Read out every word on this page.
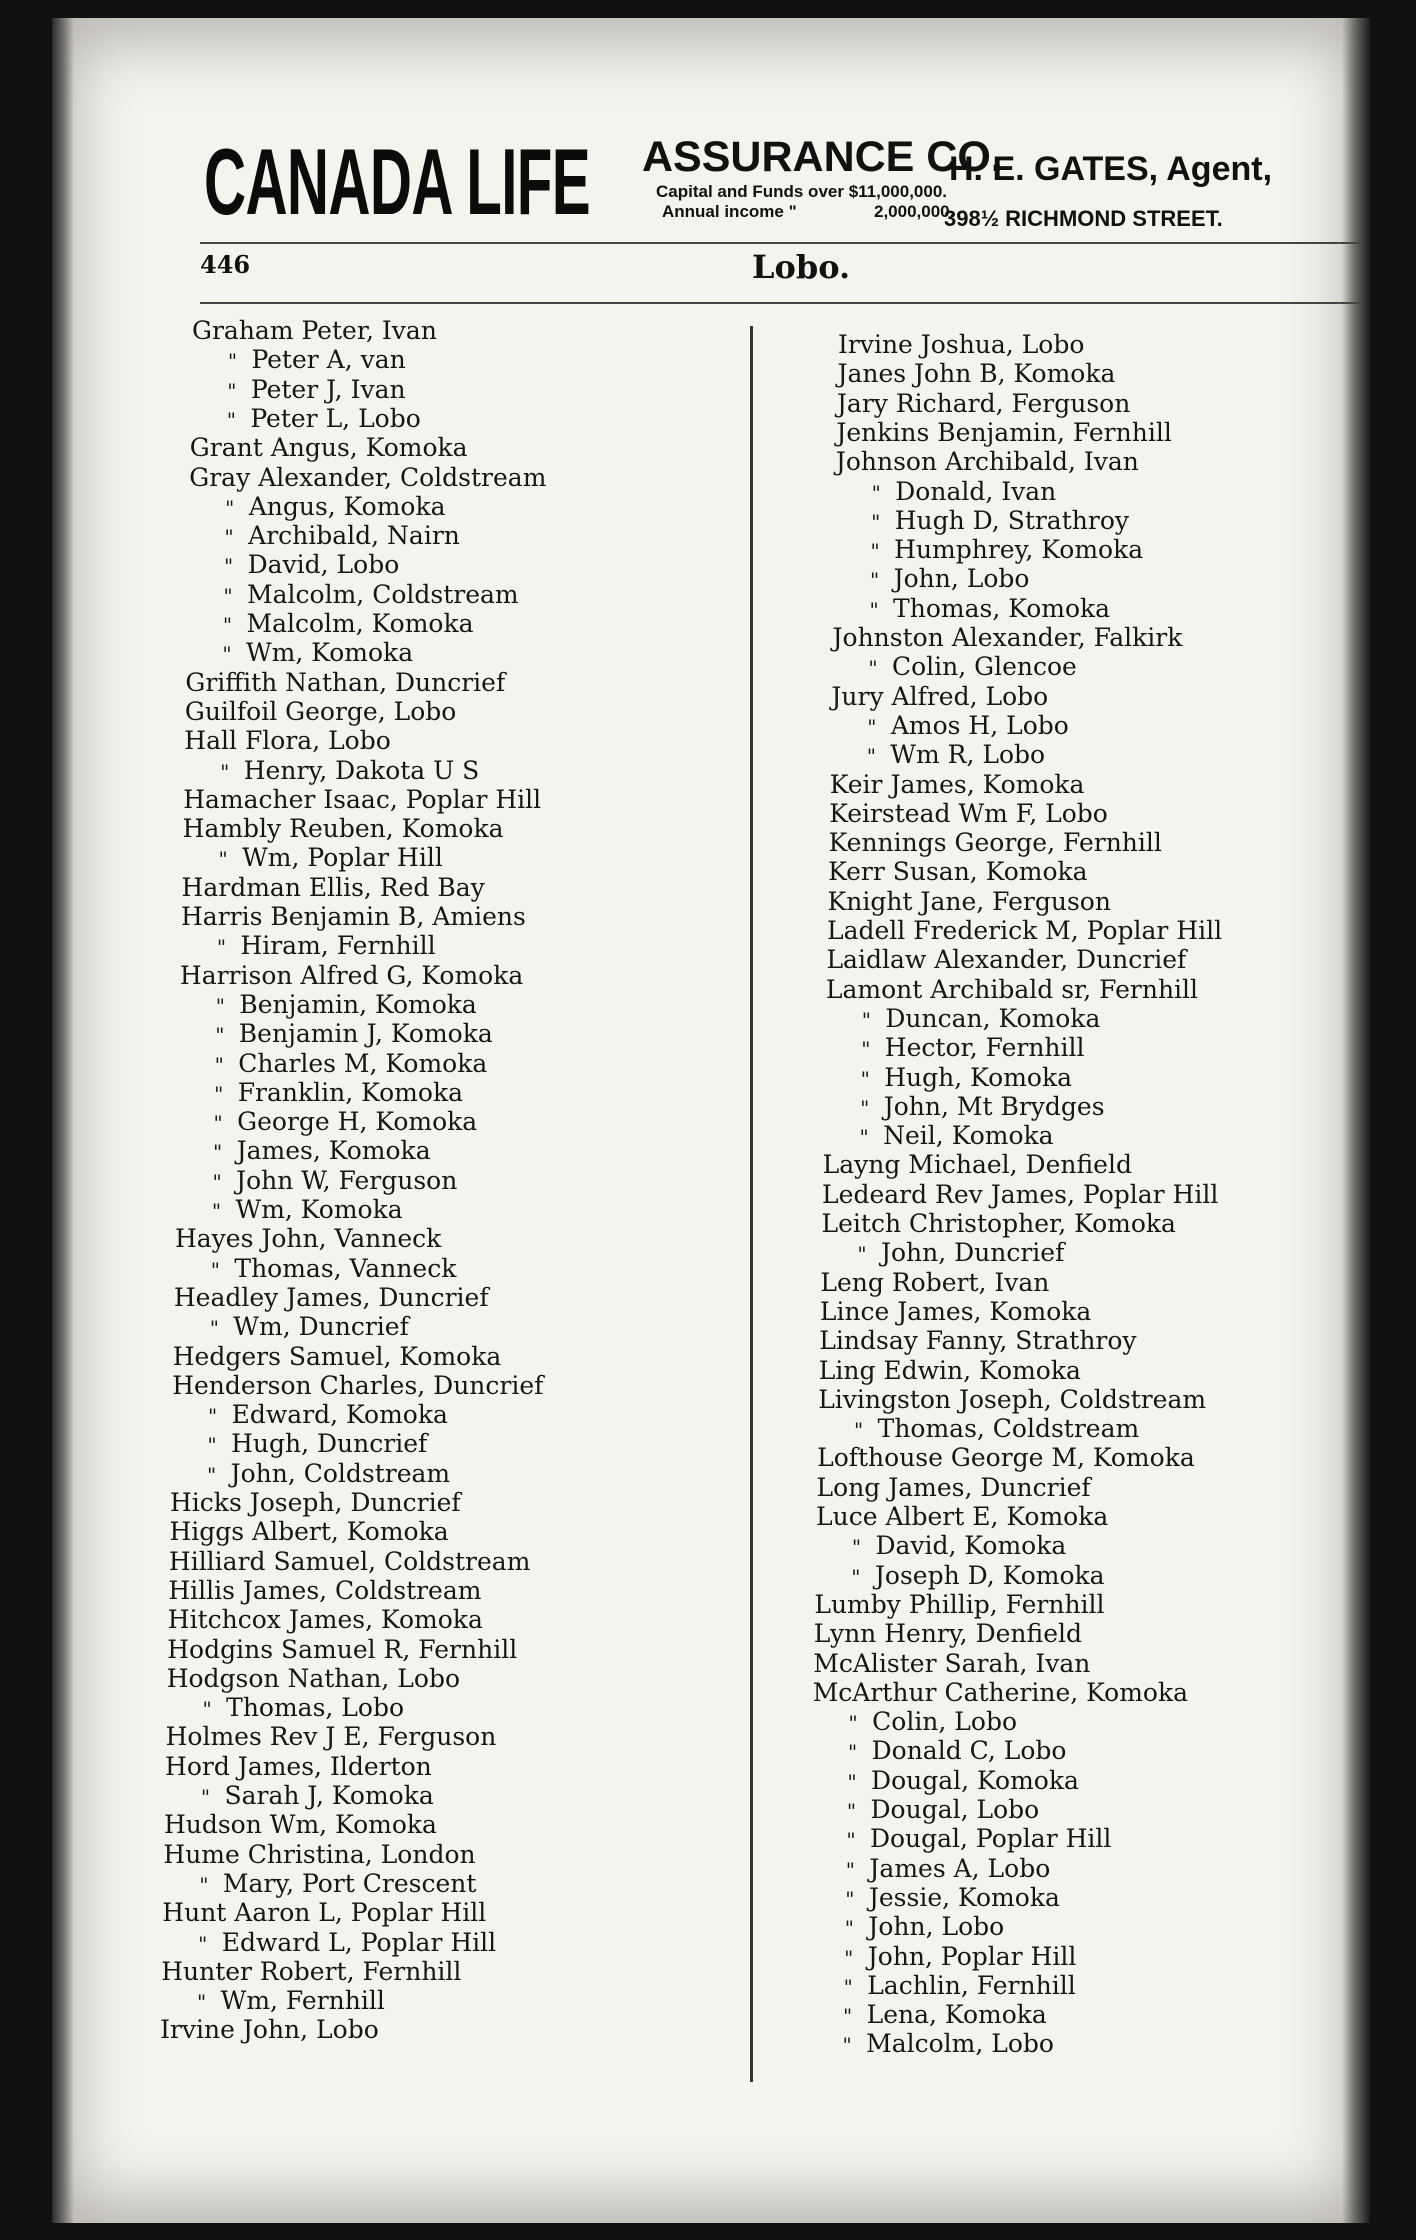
CANADA LIFE ASSURANCE CO.
Capital and Funds over $11,000,000.
Annual income "	2,000,000.
H. E. GATES, Agent,
398½ RICHMOND STREET.
446	Lobo.
Graham Peter, Ivan
" Peter A, van
" Peter J, Ivan
" Peter L, Lobo
Grant Angus, Komoka
Gray Alexander, Coldstream
" Angus, Komoka
" Archibald, Nairn
" David, Lobo
" Malcolm, Coldstream
" Malcolm, Komoka
" Wm, Komoka
Griffith Nathan, Duncrief
Guilfoil George, Lobo
Hall Flora, Lobo
" Henry, Dakota U S
Hamacher Isaac, Poplar Hill
Hambly Reuben, Komoka
" Wm, Poplar Hill
Hardman Ellis, Red Bay
Harris Benjamin B, Amiens
" Hiram, Fernhill
Harrison Alfred G, Komoka
" Benjamin, Komoka
" Benjamin J, Komoka
" Charles M, Komoka
" Franklin, Komoka
" George H, Komoka
" James, Komoka
" John W, Ferguson
" Wm, Komoka
Hayes John, Vanneck
" Thomas, Vanneck
Headley James, Duncrief
" Wm, Duncrief
Hedgers Samuel, Komoka
Henderson Charles, Duncrief
" Edward, Komoka
" Hugh, Duncrief
" John, Coldstream
Hicks Joseph, Duncrief
Higgs Albert, Komoka
Hilliard Samuel, Coldstream
Hillis James, Coldstream
Hitchcox James, Komoka
Hodgins Samuel R, Fernhill
Hodgson Nathan, Lobo
" Thomas, Lobo
Holmes Rev J E, Ferguson
Hord James, Ilderton
" Sarah J, Komoka
Hudson Wm, Komoka
Hume Christina, London
" Mary, Port Crescent
Hunt Aaron L, Poplar Hill
" Edward L, Poplar Hill
Hunter Robert, Fernhill
" Wm, Fernhill
Irvine John, Lobo
Irvine Joshua, Lobo
Janes John B, Komoka
Jary Richard, Ferguson
Jenkins Benjamin, Fernhill
Johnson Archibald, Ivan
" Donald, Ivan
" Hugh D, Strathroy
" Humphrey, Komoka
" John, Lobo
" Thomas, Komoka
Johnston Alexander, Falkirk
" Colin, Glencoe
Jury Alfred, Lobo
" Amos H, Lobo
" Wm R, Lobo
Keir James, Komoka
Keirstead Wm F, Lobo
Kennings George, Fernhill
Kerr Susan, Komoka
Knight Jane, Ferguson
Ladell Frederick M, Poplar Hill
Laidlaw Alexander, Duncrief
Lamont Archibald sr, Fernhill
" Duncan, Komoka
" Hector, Fernhill
" Hugh, Komoka
" John, Mt Brydges
" Neil, Komoka
Layng Michael, Denfield
Ledeard Rev James, Poplar Hill
Leitch Christopher, Komoka
" John, Duncrief
Leng Robert, Ivan
Lince James, Komoka
Lindsay Fanny, Strathroy
Ling Edwin, Komoka
Livingston Joseph, Coldstream
" Thomas, Coldstream
Lofthouse George M, Komoka
Long James, Duncrief
Luce Albert E, Komoka
" David, Komoka
" Joseph D, Komoka
Lumby Phillip, Fernhill
Lynn Henry, Denfield
McAlister Sarah, Ivan
McArthur Catherine, Komoka
" Colin, Lobo
" Donald C, Lobo
" Dougal, Komoka
" Dougal, Lobo
" Dougal, Poplar Hill
" James A, Lobo
" Jessie, Komoka
" John, Lobo
" John, Poplar Hill
" Lachlin, Fernhill
" Lena, Komoka
" Malcolm, Lobo
